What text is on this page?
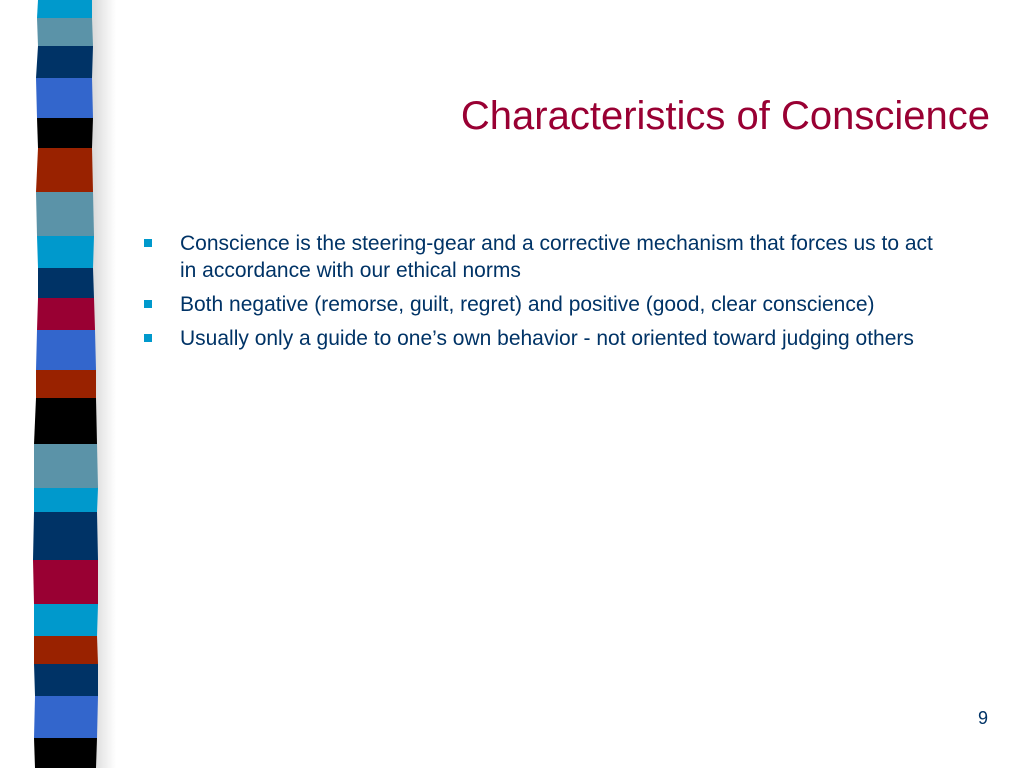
Characteristics of Conscience
Conscience is the steering-gear and a corrective mechanism that forces us to act in accordance with our ethical norms
Both negative (remorse, guilt, regret) and positive (good, clear conscience)
Usually only a guide to one’s own behavior - not oriented toward judging others
9
